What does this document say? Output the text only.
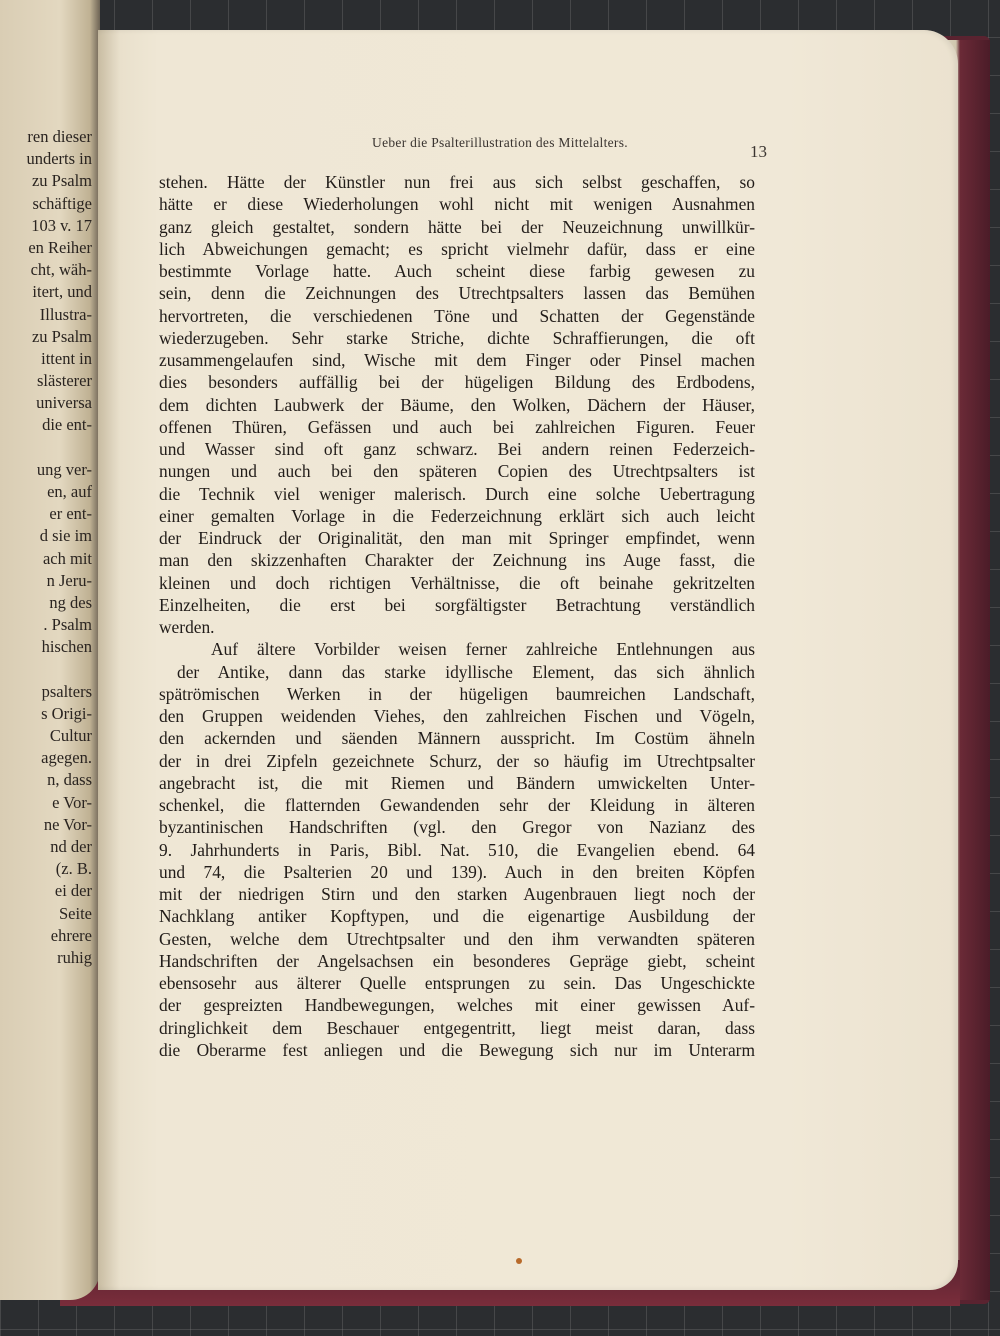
ren dieser
underts in
zu Psalm
schäftige
103 v. 17
en Reiher
cht, wäh-
itert, und
Illustra-
zu Psalm
ittent in
slästerer
universa
die ent-
ung ver-
en, auf
er ent-
d sie im
ach mit
n Jeru-
ng des
. Psalm
hischen
psalters
s Origi-
Cultur
agegen.
n, dass
e Vor-
ne Vor-
nd der
(z. B.
ei der
Seite
ehrere
ruhig
Ueber die Psalterillustration des Mittelalters.	13
stehen. Hätte der Künstler nun frei aus sich selbst geschaffen, so
hätte er diese Wiederholungen wohl nicht mit wenigen Ausnahmen
ganz gleich gestaltet, sondern hätte bei der Neuzeichnung unwillkür-
lich Abweichungen gemacht; es spricht vielmehr dafür, dass er eine
bestimmte Vorlage hatte. Auch scheint diese farbig gewesen zu
sein, denn die Zeichnungen des Utrechtpsalters lassen das Bemühen
hervortreten, die verschiedenen Töne und Schatten der Gegenstände
wiederzugeben. Sehr starke Striche, dichte Schraffierungen, die oft
zusammengelaufen sind, Wische mit dem Finger oder Pinsel machen
dies besonders auffällig bei der hügeligen Bildung des Erdbodens,
dem dichten Laubwerk der Bäume, den Wolken, Dächern der Häuser,
offenen Thüren, Gefässen und auch bei zahlreichen Figuren. Feuer
und Wasser sind oft ganz schwarz. Bei andern reinen Federzeich-
nungen und auch bei den späteren Copien des Utrechtpsalters ist
die Technik viel weniger malerisch. Durch eine solche Uebertragung
einer gemalten Vorlage in die Federzeichnung erklärt sich auch leicht
der Eindruck der Originalität, den man mit Springer empfindet, wenn
man den skizzenhaften Charakter der Zeichnung ins Auge fasst, die
kleinen und doch richtigen Verhältnisse, die oft beinahe gekritzelten
Einzelheiten, die erst bei sorgfältigster Betrachtung verständlich
werden.
Auf ältere Vorbilder weisen ferner zahlreiche Entlehnungen aus
der Antike, dann das starke idyllische Element, das sich ähnlich
spätrömischen Werken in der hügeligen baumreichen Landschaft,
den Gruppen weidenden Viehes, den zahlreichen Fischen und Vögeln,
den ackernden und säenden Männern ausspricht. Im Costüm ähneln
der in drei Zipfeln gezeichnete Schurz, der so häufig im Utrechtpsalter
angebracht ist, die mit Riemen und Bändern umwickelten Unter-
schenkel, die flatternden Gewandenden sehr der Kleidung in älteren
byzantinischen Handschriften (vgl. den Gregor von Nazianz des
9. Jahrhunderts in Paris, Bibl. Nat. 510, die Evangelien ebend. 64
und 74, die Psalterien 20 und 139). Auch in den breiten Köpfen
mit der niedrigen Stirn und den starken Augenbrauen liegt noch der
Nachklang antiker Kopftypen, und die eigenartige Ausbildung der
Gesten, welche dem Utrechtpsalter und den ihm verwandten späteren
Handschriften der Angelsachsen ein besonderes Gepräge giebt, scheint
ebensosehr aus älterer Quelle entsprungen zu sein. Das Ungeschickte
der gespreizten Handbewegungen, welches mit einer gewissen Auf-
dringlichkeit dem Beschauer entgegentritt, liegt meist daran, dass
die Oberarme fest anliegen und die Bewegung sich nur im Unterarm
